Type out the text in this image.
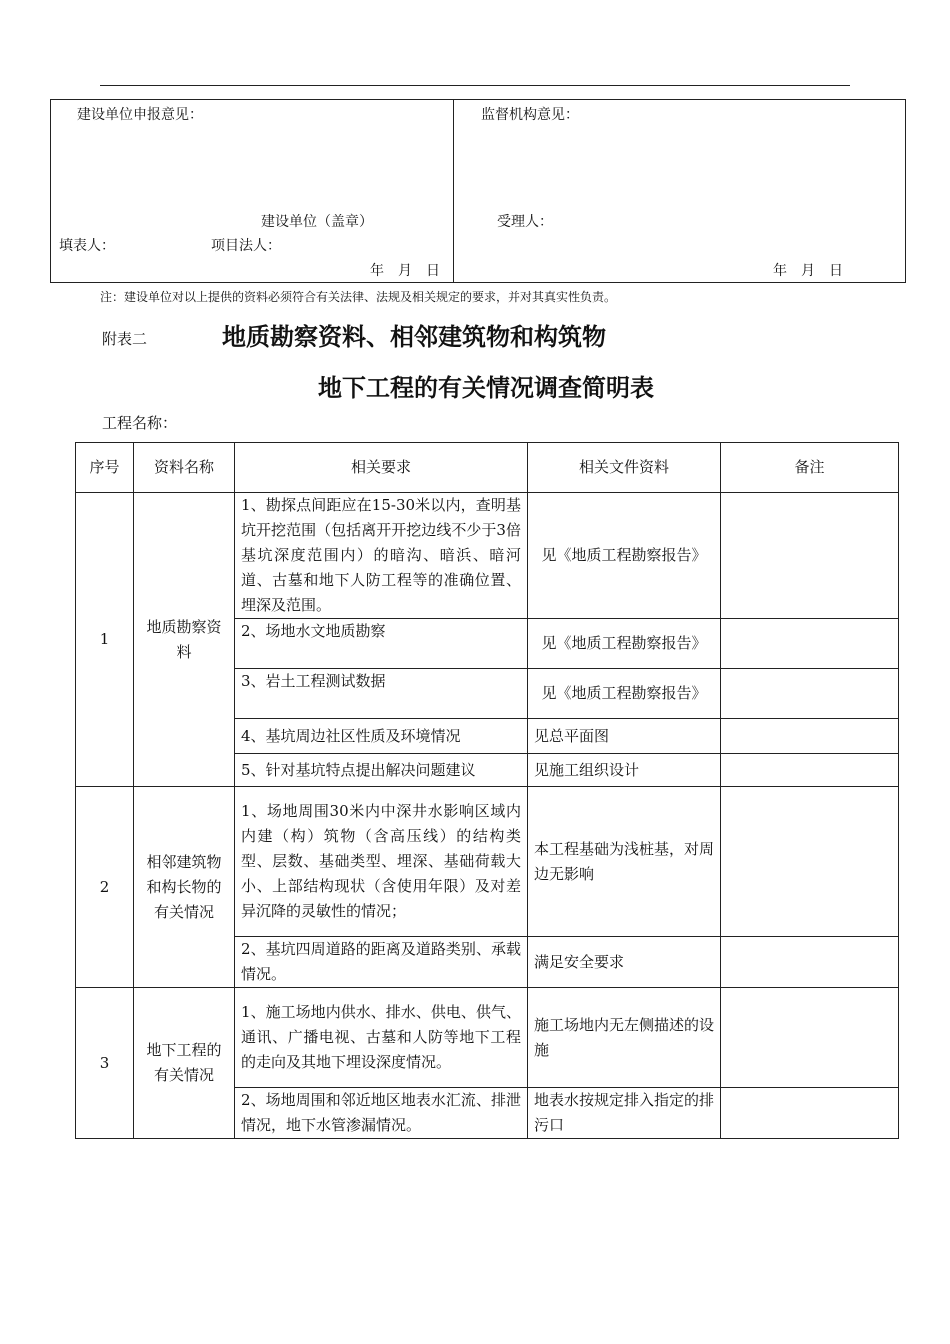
建设单位申报意见：
建设单位（盖章）
填表人：	项目法人：
年　月　日
监督机构意见：
受理人：
年　月　日
注：建设单位对以上提供的资料必须符合有关法律、法规及相关规定的要求，并对其真实性负责。
附表二	地质勘察资料、相邻建筑物和构筑物
地下工程的有关情况调查简明表
工程名称：
序号	资料名称	相关要求	相关文件资料	备注
1	地质勘察资料	1、勘探点间距应在15-30米以内，查明基坑开挖范围（包括离开开挖边线不少于3倍基坑深度范围内）的暗沟、暗浜、暗河道、古墓和地下人防工程等的准确位置、埋深及范围。	见《地质工程勘察报告》	
		2、场地水文地质勘察	见《地质工程勘察报告》	
		3、岩土工程测试数据	见《地质工程勘察报告》	
		4、基坑周边社区性质及环境情况	见总平面图	
		5、针对基坑特点提出解决问题建议	见施工组织设计	
2	相邻建筑物和构长物的有关情况	1、场地周围30米内中深井水影响区域内内建（构）筑物（含高压线）的结构类型、层数、基础类型、埋深、基础荷载大小、上部结构现状（含使用年限）及对差异沉降的灵敏性的情况；	本工程基础为浅桩基，对周边无影响	
		2、基坑四周道路的距离及道路类别、承载情况。	满足安全要求	
3	地下工程的有关情况	1、施工场地内供水、排水、供电、供气、通讯、广播电视、古墓和人防等地下工程的走向及其地下埋设深度情况。	施工场地内无左侧描述的设施	
		2、场地周围和邻近地区地表水汇流、排泄情况，地下水管渗漏情况。	地表水按规定排入指定的排污口	
